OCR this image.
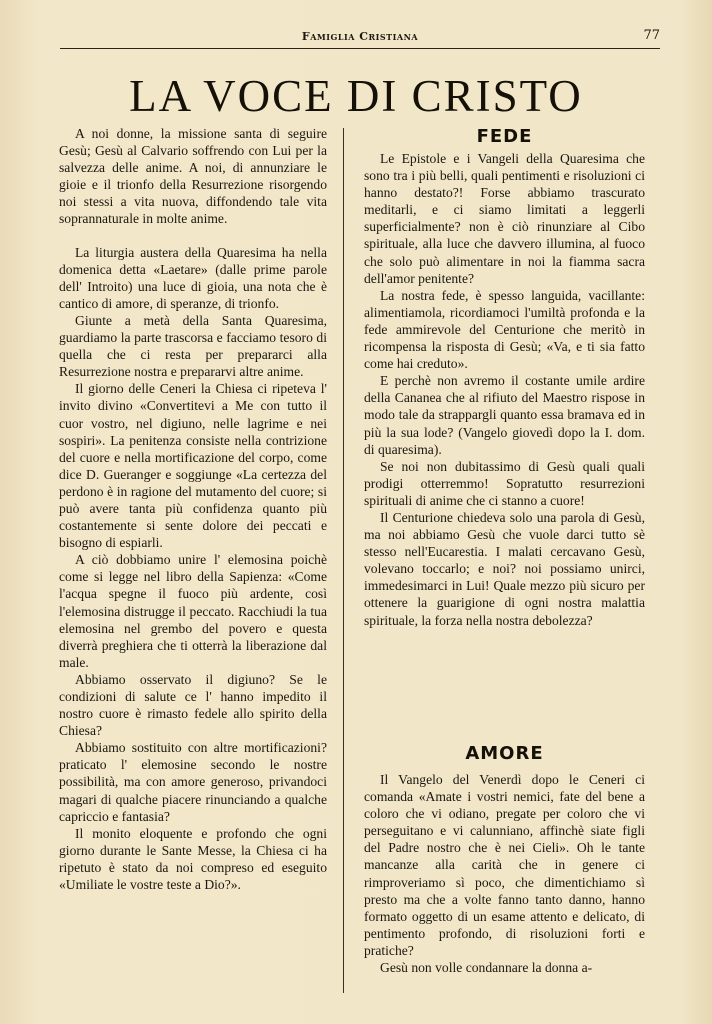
Famiglia Cristiana	77
LA VOCE DI CRISTO

A noi donne, la missione santa di seguire Gesù; Gesù al Calvario soffrendo con Lui per la salvezza delle anime. A noi, di annunziare le gioie e il trionfo della Resurrezione risorgendo noi stessi a vita nuova, diffondendo tale vita soprannaturale in molte anime.

La liturgia austera della Quaresima ha nella domenica detta «Laetare» (dalle prime parole dell' Introito) una luce di gioia, una nota che è cantico di amore, di speranze, di trionfo.

Giunte a metà della Santa Quaresima, guardiamo la parte trascorsa e facciamo tesoro di quella che ci resta per prepararci alla Resurrezione nostra e prepararvi altre anime.

Il giorno delle Ceneri la Chiesa ci ripeteva l' invito divino «Convertitevi a Me con tutto il cuor vostro, nel digiuno, nelle lagrime e nei sospiri». La penitenza consiste nella contrizione del cuore e nella mortificazione del corpo, come dice D. Gueranger e soggiunge «La certezza del perdono è in ragione del mutamento del cuore; si può avere tanta più confidenza quanto più costantemente si sente dolore dei peccati e bisogno di espiarli.

A ciò dobbiamo unire l' elemosina poichè come si legge nel libro della Sapienza: «Come l'acqua spegne il fuoco più ardente, così l'elemosina distrugge il peccato. Racchiudi la tua elemosina nel grembo del povero e questa diverrà preghiera che ti otterrà la liberazione dal male.

Abbiamo osservato il digiuno? Se le condizioni di salute ce l' hanno impedito il nostro cuore è rimasto fedele allo spirito della Chiesa?

Abbiamo sostituito con altre mortificazioni? praticato l' elemosine secondo le nostre possibilità, ma con amore generoso, privandoci magari di qualche piacere rinunciando a qualche capriccio e fantasia?

Il monito eloquente e profondo che ogni giorno durante le Sante Messe, la Chiesa ci ha ripetuto è stato da noi compreso ed eseguito «Umiliate le vostre teste a Dio?».

FEDE

Le Epistole e i Vangeli della Quaresima che sono tra i più belli, quali pentimenti e risoluzioni ci hanno destato?! Forse abbiamo trascurato meditarli, e ci siamo limitati a leggerli superficialmente? non è ciò rinunziare al Cibo spirituale, alla luce che davvero illumina, al fuoco che solo può alimentare in noi la fiamma sacra dell'amor penitente?

La nostra fede, è spesso languida, vacillante: alimentiamola, ricordiamoci l'umiltà profonda e la fede ammirevole del Centurione che meritò in ricompensa la risposta di Gesù; «Va, e ti sia fatto come hai creduto».

E perchè non avremo il costante umile ardire della Cananea che al rifiuto del Maestro rispose in modo tale da strappargli quanto essa bramava ed in più la sua lode? (Vangelo giovedì dopo la I. dom. di quaresima).

Se noi non dubitassimo di Gesù quali quali prodigi otterremmo! Sopratutto resurrezioni spirituali di anime che ci stanno a cuore!

Il Centurione chiedeva solo una parola di Gesù, ma noi abbiamo Gesù che vuole darci tutto sè stesso nell'Eucarestia. I malati cercavano Gesù, volevano toccarlo; e noi? noi possiamo unirci, immedesimarci in Lui! Quale mezzo più sicuro per ottenere la guarigione di ogni nostra malattia spirituale, la forza nella nostra debolezza?

AMORE

Il Vangelo del Venerdì dopo le Ceneri ci comanda «Amate i vostri nemici, fate del bene a coloro che vi odiano, pregate per coloro che vi perseguitano e vi calunniano, affinchè siate figli del Padre nostro che è nei Cieli». Oh le tante mancanze alla carità che in genere ci rimproveriamo sì poco, che dimentichiamo sì presto ma che a volte fanno tanto danno, hanno formato oggetto di un esame attento e delicato, di pentimento profondo, di risoluzioni forti e pratiche?

Gesù non volle condannare la donna a-
